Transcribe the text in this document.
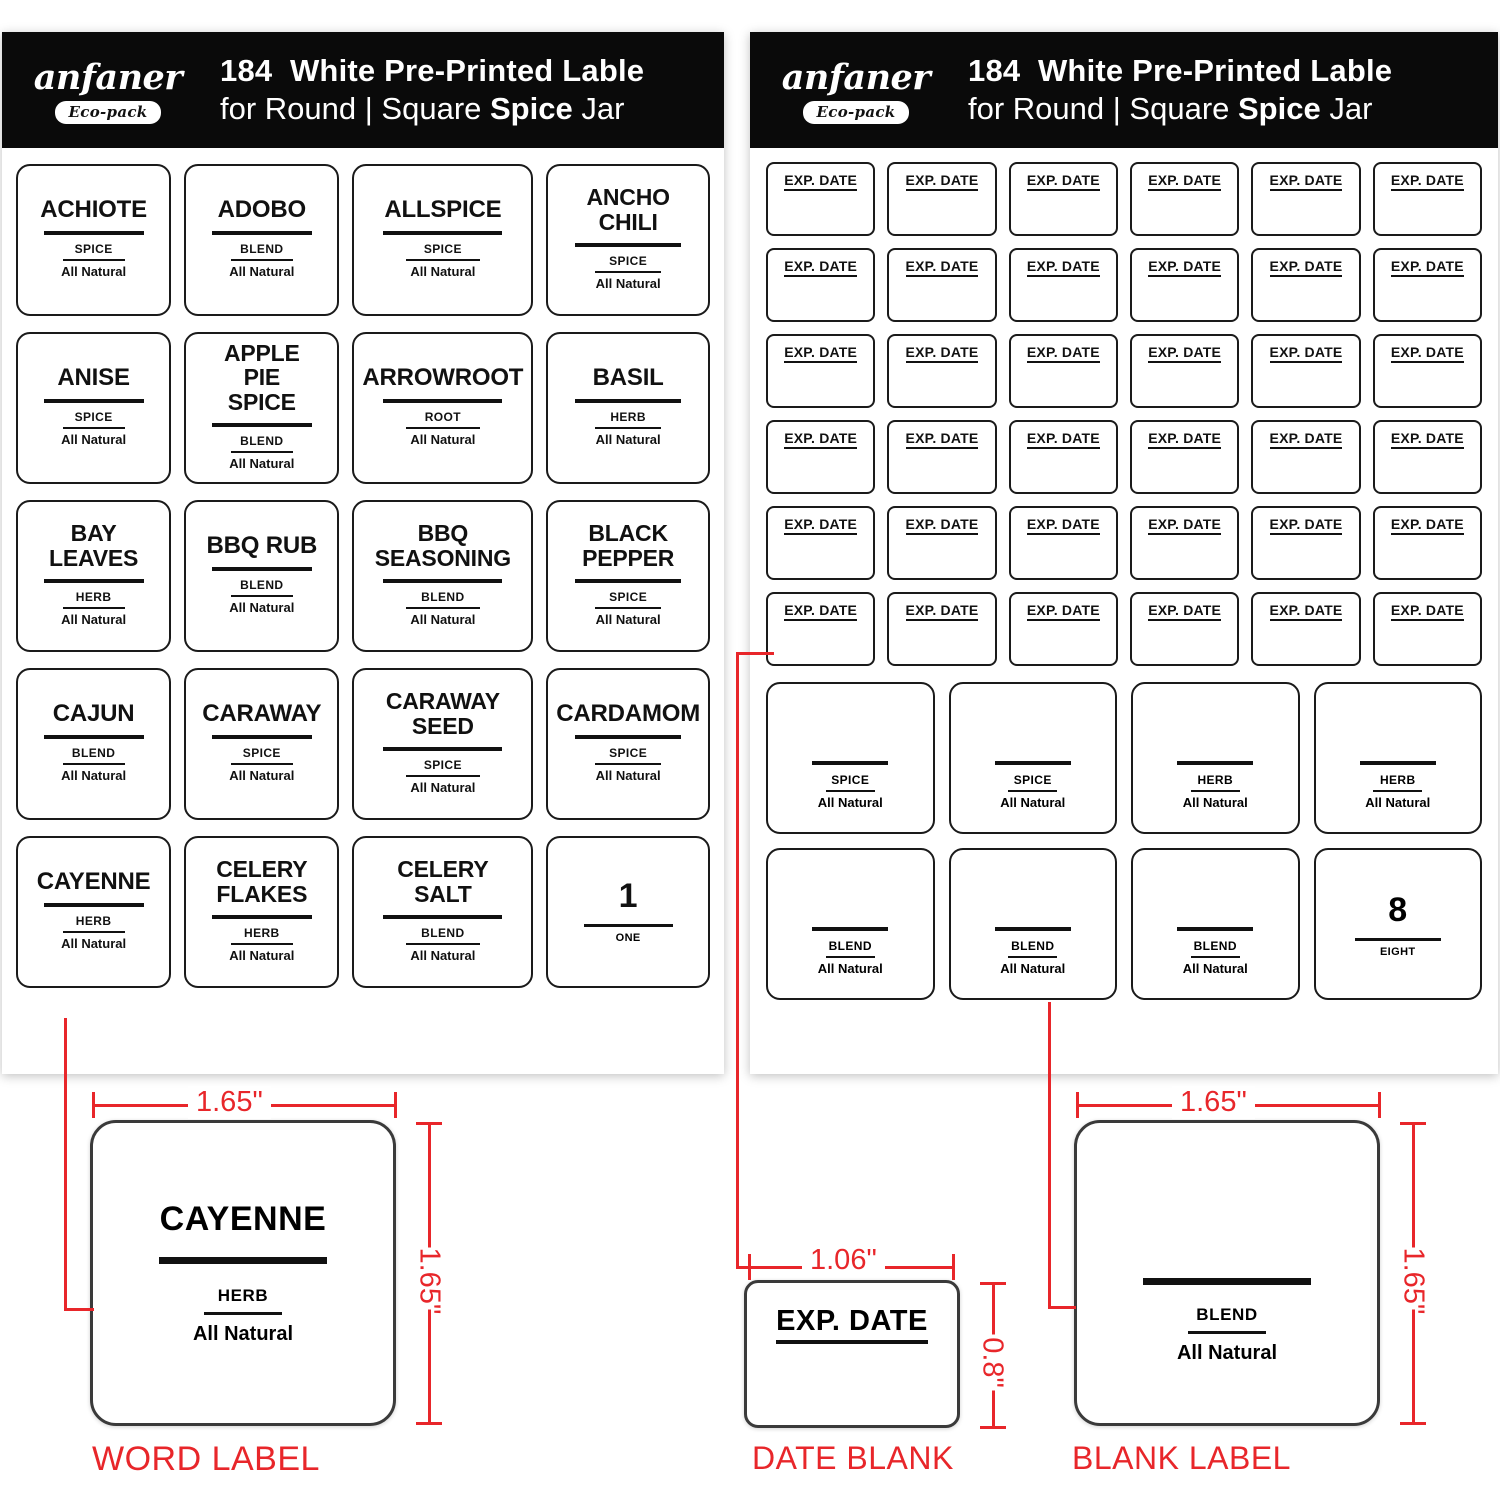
anfaner
Eco-pack
184 White Pre-Printed Lable
for Round | Square Spice Jar
ACHIOTE
SPICE
All Natural
ADOBO
BLEND
All Natural
ALLSPICE
SPICE
All Natural
ANCHO
CHILI
SPICE
All Natural
ANISE
SPICE
All Natural
APPLE
PIE
SPICE
BLEND
All Natural
ARROWROOT
ROOT
All Natural
BASIL
HERB
All Natural
BAY
LEAVES
HERB
All Natural
BBQ RUB
BLEND
All Natural
BBQ
SEASONING
BLEND
All Natural
BLACK
PEPPER
SPICE
All Natural
CAJUN
BLEND
All Natural
CARAWAY
SPICE
All Natural
CARAWAY
SEED
SPICE
All Natural
CARDAMOM
SPICE
All Natural
CAYENNE
HERB
All Natural
CELERY
FLAKES
HERB
All Natural
CELERY
SALT
BLEND
All Natural
1
ONE
anfaner
Eco-pack
184 White Pre-Printed Lable
for Round | Square Spice Jar
EXP. DATE	EXP. DATE	EXP. DATE	EXP. DATE	EXP. DATE	EXP. DATE
EXP. DATE	EXP. DATE	EXP. DATE	EXP. DATE	EXP. DATE	EXP. DATE
EXP. DATE	EXP. DATE	EXP. DATE	EXP. DATE	EXP. DATE	EXP. DATE
EXP. DATE	EXP. DATE	EXP. DATE	EXP. DATE	EXP. DATE	EXP. DATE
EXP. DATE	EXP. DATE	EXP. DATE	EXP. DATE	EXP. DATE	EXP. DATE
EXP. DATE	EXP. DATE	EXP. DATE	EXP. DATE	EXP. DATE	EXP. DATE
SPICE
All Natural
SPICE
All Natural
HERB
All Natural
HERB
All Natural
BLEND
All Natural
BLEND
All Natural
BLEND
All Natural
8
EIGHT
CAYENNE
HERB
All Natural
1.65"
1.65"
WORD LABEL
EXP. DATE
1.06"
0.8"
DATE BLANK
BLEND
All Natural
1.65"
1.65"
BLANK LABEL
